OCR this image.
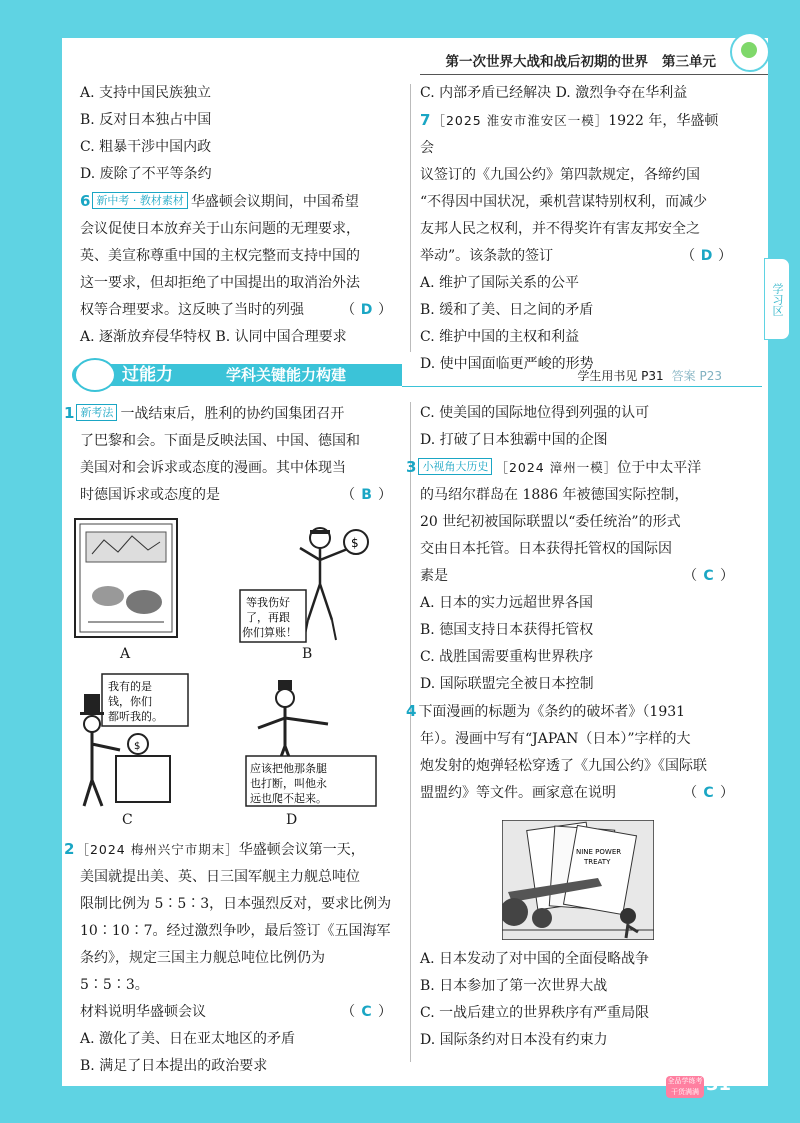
第一次世界大战和战后初期的世界 第三单元
学习区

A. 支持中国民族独立

B. 反对日本独占中国

C. 粗暴干涉中国内政

D. 废除了不平等条约

6 新中考 · 教材素材 华盛顿会议期间，中国希望

会议促使日本放弃关于山东问题的无理要求，

英、美宣称尊重中国的主权完整而支持中国的

这一要求，但却拒绝了中国提出的取消治外法

权等合理要求。这反映了当时的列强	（ D ）

A. 逐渐放弃侵华特权 B. 认同中国合理要求

C. 内部矛盾已经解决 D. 激烈争夺在华利益

7 ［2025 淮安市淮安区一模］1922 年，华盛顿会

议签订的《九国公约》第四款规定，各缔约国

“不得因中国状况，乘机营谋特别权利，而减少

友邦人民之权利，并不得奖许有害友邦安全之

举动”。该条款的签订	（ D ）

A. 维护了国际关系的公平

B. 缓和了美、日之间的矛盾

C. 维护中国的主权和利益

D. 使中国面临更严峻的形势

过能力	学科关键能力构建	学生用书见 P31 答案 P23

1 新考法 一战结束后，胜利的协约国集团召开

了巴黎和会。下面是反映法国、中国、德国和

美国对和会诉求或态度的漫画。其中体现当

时德国诉求或态度的是	（ B ）

A
$
等我伤好
了，再跟
你们算账！
B
我有的是
钱，你们
都听我的。
$
C
应该把他那条腿
也打断，叫他永
远也爬不起来。
D

2 ［2024 梅州兴宁市期末］华盛顿会议第一天，

美国就提出美、英、日三国军舰主力舰总吨位

限制比例为 5∶5∶3，日本强烈反对，要求比例为

10∶10∶7。经过激烈争吵，最后签订《五国海军

条约》，规定三国主力舰总吨位比例仍为 5∶5∶3。

材料说明华盛顿会议	（ C ）

A. 激化了美、日在亚太地区的矛盾

B. 满足了日本提出的政治要求

C. 使美国的国际地位得到列强的认可

D. 打破了日本独霸中国的企图

3 小视角大历史 ［2024 漳州一模］位于中太平洋

的马绍尔群岛在 1886 年被德国实际控制，

20 世纪初被国际联盟以“委任统治”的形式

交由日本托管。日本获得托管权的国际因

素是	（ C ）

A. 日本的实力远超世界各国

B. 德国支持日本获得托管权

C. 战胜国需要重构世界秩序

D. 国际联盟完全被日本控制

4 下面漫画的标题为《条约的破坏者》（1931

年）。漫画中写有“JAPAN（日本）”字样的大

炮发射的炮弹轻松穿透了《九国公约》《国际联

盟盟约》等文件。画家意在说明	（ C ）

NINE POWER
TREATY

A. 日本发动了对中国的全面侵略战争

B. 日本参加了第一次世界大战

C. 一战后建立的世界秩序有严重局限

D. 国际条约对日本没有约束力

全品学练考
干货满满 31
